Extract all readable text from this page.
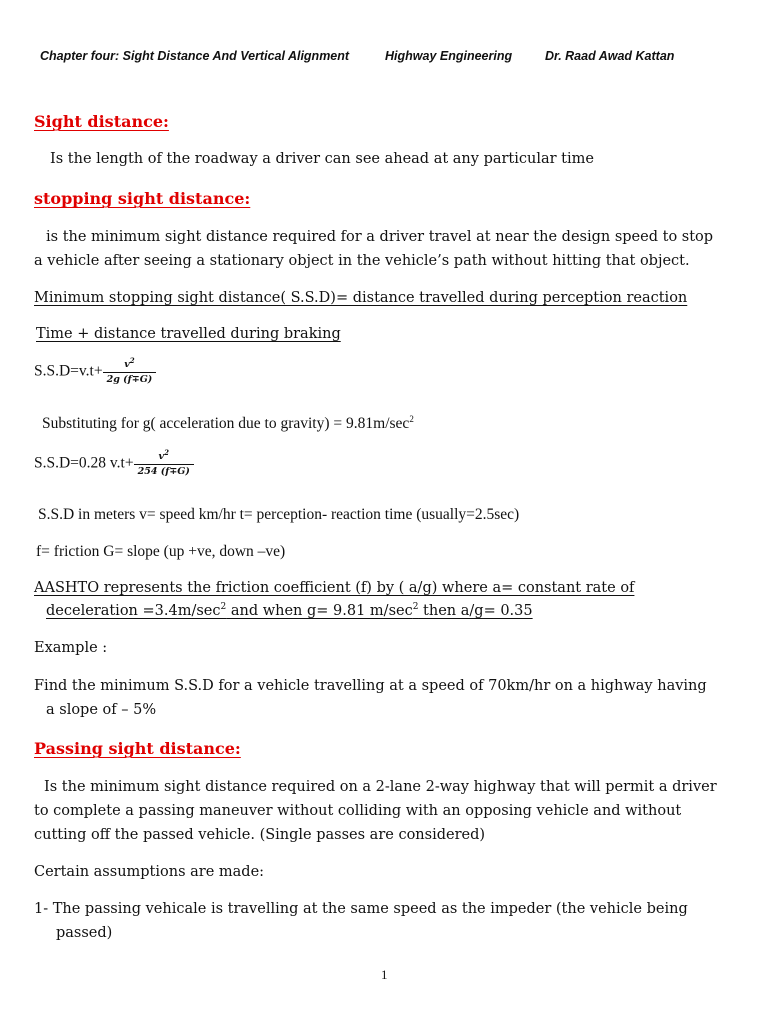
Chapter four: Sight Distance And Vertical Alignment	Highway Engineering	Dr. Raad Awad Kattan
Sight distance:
Is the length of the roadway a driver can see ahead at any particular time
stopping sight distance:
is the minimum sight distance required for a driver travel at near the design speed to stop
a vehicle after seeing a stationary object in the vehicle’s path without hitting that object.
Minimum stopping sight distance( S.S.D)= distance travelled during perception reaction
Time + distance travelled during braking
$S.S.D=v.t+ \frac{v^2}{2g (f\mp G)}$
Substituting for g( acceleration due to gravity) = $9.81m/\sec^2$
S.S.D=0.28 $v.t+ \frac{v^2}{254 (f\mp G)}$
S.S.D in meters v= speed km/hr t= perception- reaction time (usually=2.5sec)
f= friction G= slope (up +ve, down –ve)
AASHTO represents the friction coefficient (f) by ( a/g) where a= constant rate of
deceleration $=3.4m/\sec^2$ and when g= 9.81 $m/\sec^2$ then a/g= 0.35
Example :
Find the minimum S.S.D for a vehicle travelling at a speed of 70km/hr on a highway having
a slope of – 5%
Passing sight distance:
Is the minimum sight distance required on a 2-lane 2-way highway that will permit a driver
to complete a passing maneuver without colliding with an opposing vehicle and without
cutting off the passed vehicle. (Single passes are considered)
Certain assumptions are made:
1- The passing vehicale is travelling at the same speed as the impeder (the vehicle being
passed)
1
